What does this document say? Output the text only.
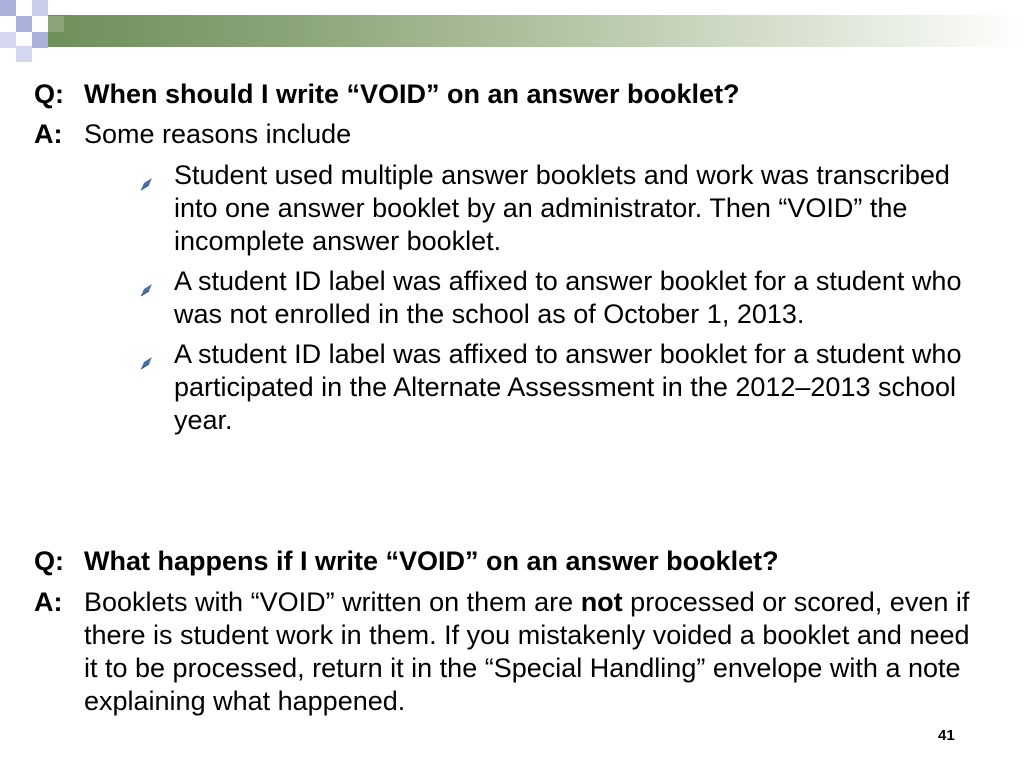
Q: When should I write “VOID” on an answer booklet?
A: Some reasons include
Student used multiple answer booklets and work was transcribed into one answer booklet by an administrator. Then “VOID” the incomplete answer booklet.
A student ID label was affixed to answer booklet for a student who was not enrolled in the school as of October 1, 2013.
A student ID label was affixed to answer booklet for a student who participated in the Alternate Assessment in the 2012–2013 school year.
Q: What happens if I write “VOID” on an answer booklet?
A: Booklets with “VOID” written on them are not processed or scored, even if there is student work in them. If you mistakenly voided a booklet and need it to be processed, return it in the “Special Handling” envelope with a note explaining what happened.
41
